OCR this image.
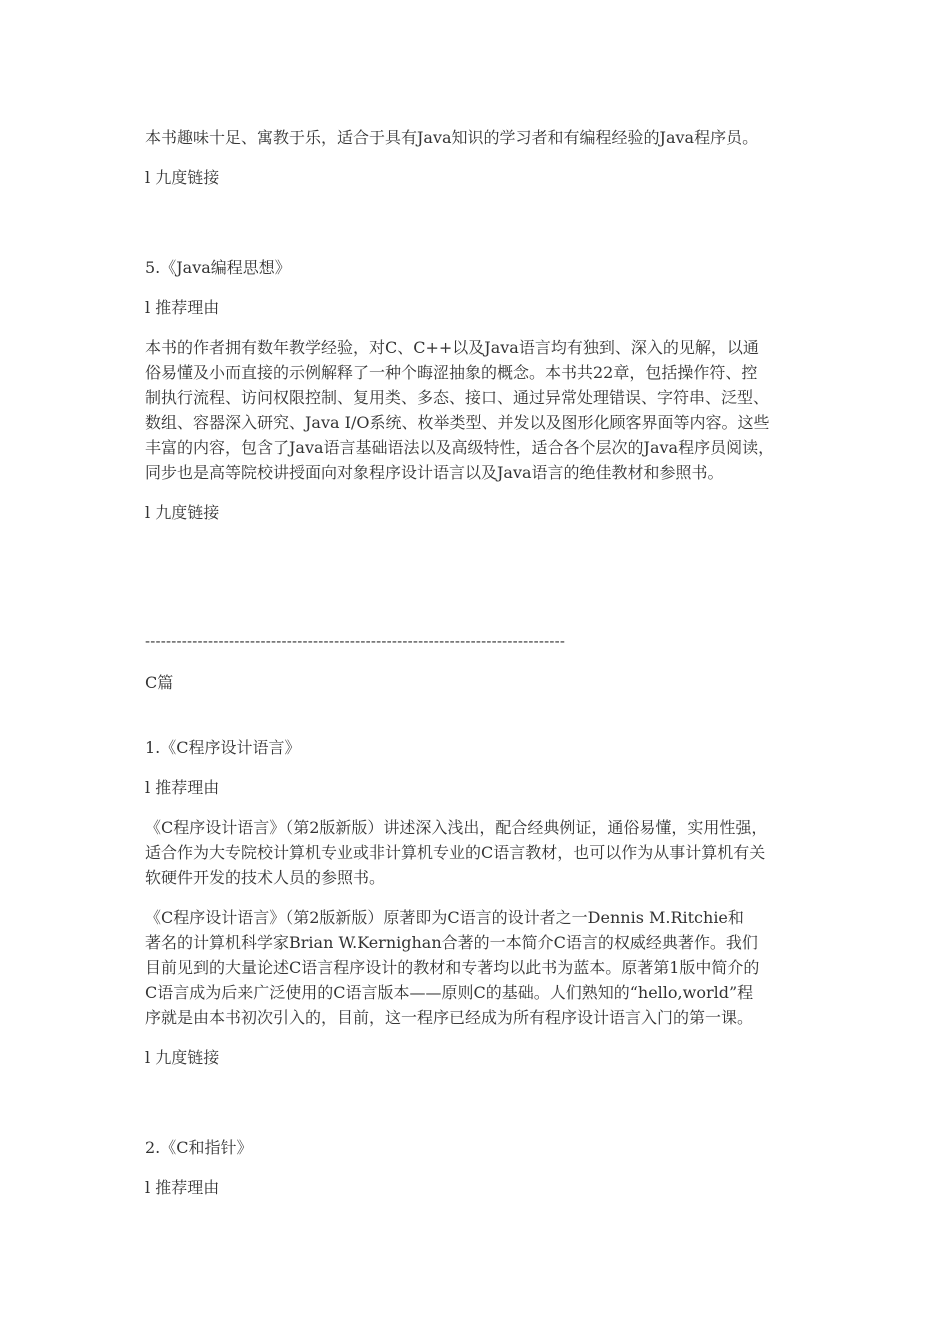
本书趣味十足、寓教于乐，适合于具有Java知识的学习者和有编程经验的Java程序员。
l 九度链接
5.《Java编程思想》
l 推荐理由

本书的作者拥有数年教学经验，对C、C++以及Java语言均有独到、深入的见解，以通

俗易懂及小而直接的示例解释了一种个晦涩抽象的概念。本书共22章，包括操作符、控

制执行流程、访问权限控制、复用类、多态、接口、通过异常处理错误、字符串、泛型、

数组、容器深入研究、Java I/O系统、枚举类型、并发以及图形化顾客界面等内容。这些

丰富的内容，包含了Java语言基础语法以及高级特性，适合各个层次的Java程序员阅读，

同步也是高等院校讲授面向对象程序设计语言以及Java语言的绝佳教材和参照书。

l 九度链接
--------------------------------------------------------------------------------
C篇
1.《C程序设计语言》
l 推荐理由

《C程序设计语言》（第2版新版）讲述深入浅出，配合经典例证，通俗易懂，实用性强，

适合作为大专院校计算机专业或非计算机专业的C语言教材，也可以作为从事计算机有关

软硬件开发的技术人员的参照书。

《C程序设计语言》（第2版新版）原著即为C语言的设计者之一Dennis M.Ritchie和

著名的计算机科学家Brian W.Kernighan合著的一本简介C语言的权威经典著作。我们

目前见到的大量论述C语言程序设计的教材和专著均以此书为蓝本。原著第1版中简介的

C语言成为后来广泛使用的C语言版本——原则C的基础。人们熟知的“hello,world”程

序就是由本书初次引入的，目前，这一程序已经成为所有程序设计语言入门的第一课。

l 九度链接
2.《C和指针》
l 推荐理由
